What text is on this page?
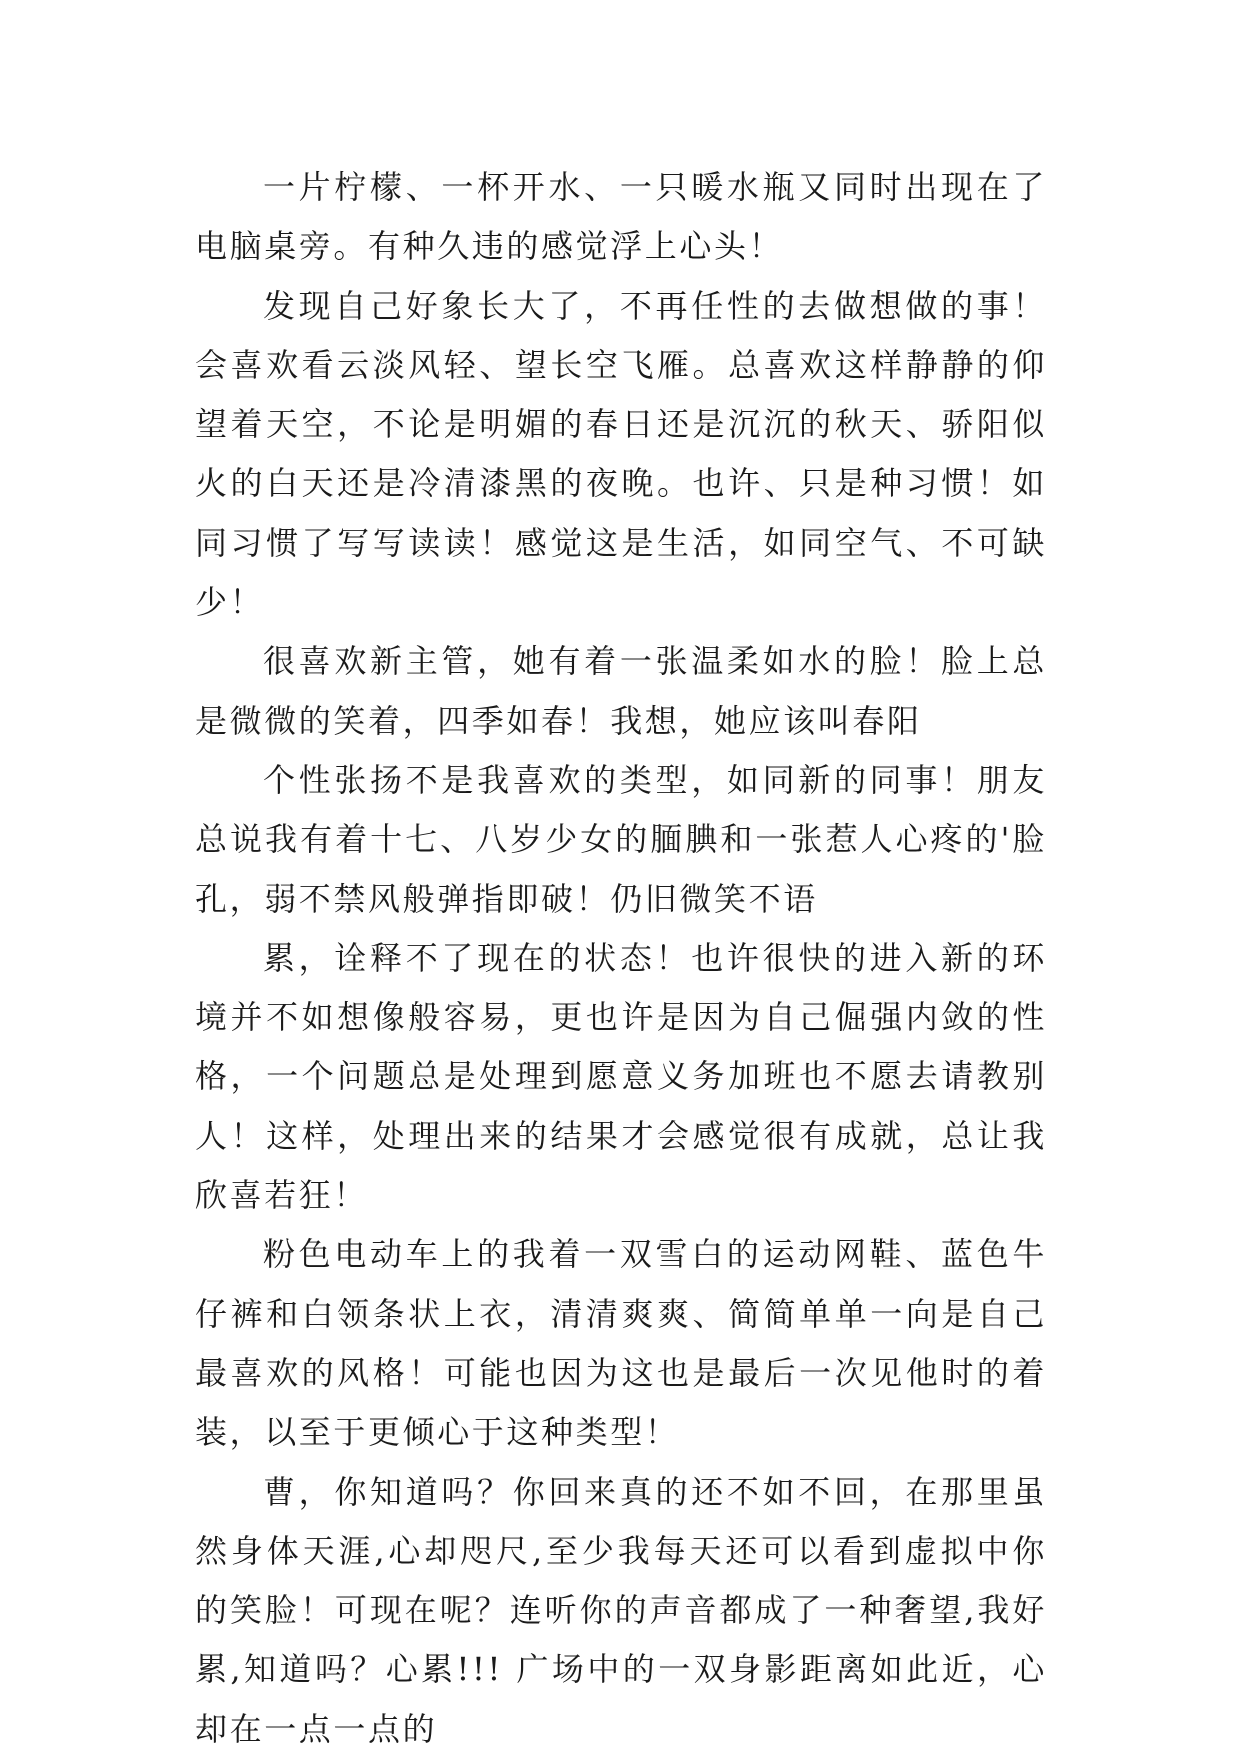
一片柠檬、一杯开水、一只暖水瓶又同时出现在了电脑桌旁。有种久违的感觉浮上心头！

发现自己好象长大了，不再任性的去做想做的事！会喜欢看云淡风轻、望长空飞雁。总喜欢这样静静的仰望着天空，不论是明媚的春日还是沉沉的秋天、骄阳似火的白天还是冷清漆黑的夜晚。也许、只是种习惯！如同习惯了写写读读！感觉这是生活，如同空气、不可缺少！

很喜欢新主管，她有着一张温柔如水的脸！脸上总是微微的笑着，四季如春！我想，她应该叫春阳

个性张扬不是我喜欢的类型，如同新的同事！朋友总说我有着十七、八岁少女的腼腆和一张惹人心疼的'脸孔，弱不禁风般弹指即破！仍旧微笑不语

累，诠释不了现在的状态！也许很快的进入新的环境并不如想像般容易，更也许是因为自己倔强内敛的性格，一个问题总是处理到愿意义务加班也不愿去请教别人！这样，处理出来的结果才会感觉很有成就，总让我欣喜若狂！

粉色电动车上的我着一双雪白的运动网鞋、蓝色牛仔裤和白领条状上衣，清清爽爽、简简单单一向是自己最喜欢的风格！可能也因为这也是最后一次见他时的着装，以至于更倾心于这种类型！

曹，你知道吗？你回来真的还不如不回，在那里虽然身体天涯,心却咫尺,至少我每天还可以看到虚拟中你的笑脸！可现在呢？连听你的声音都成了一种奢望,我好累,知道吗？心累!!! 广场中的一双身影距离如此近，心却在一点一点的
